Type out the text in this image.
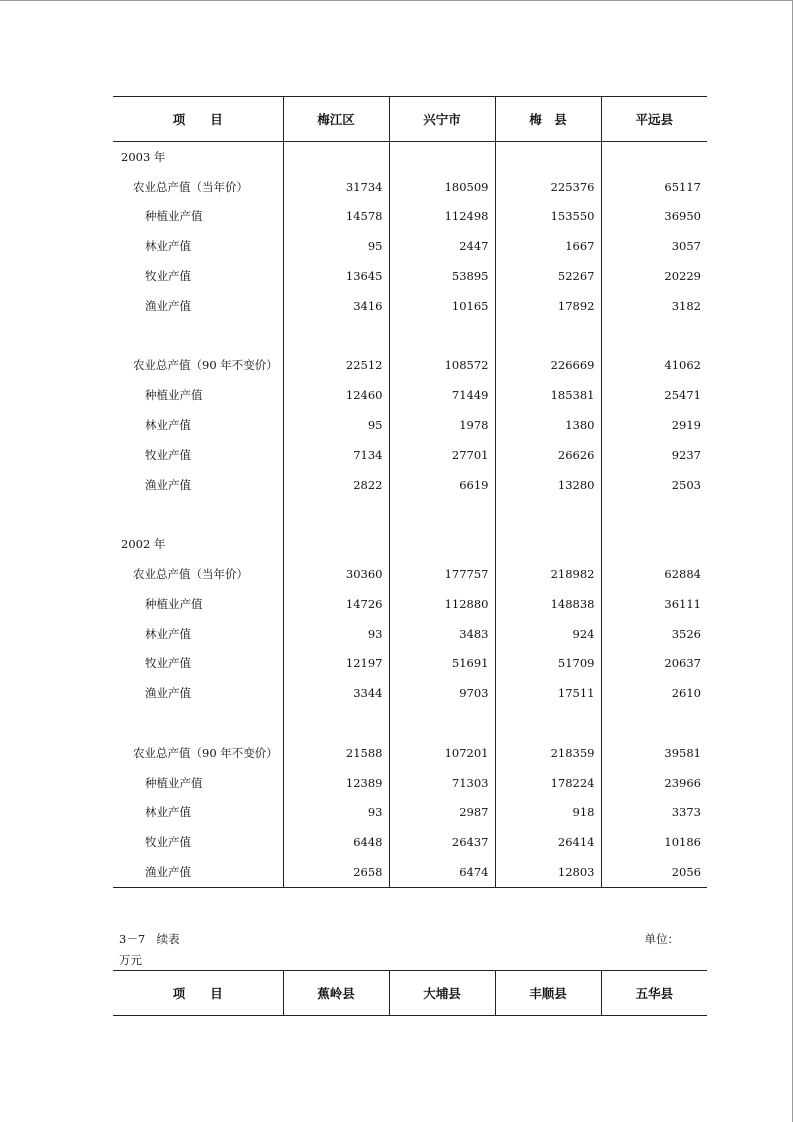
项　　目	梅江区	兴宁市	梅　县	平远县
2003 年				
农业总产值（当年价）	31734	180509	225376	65117
种植业产值	14578	112498	153550	36950
林业产值	95	2447	1667	3057
牧业产值	13645	53895	52267	20229
渔业产值	3416	10165	17892	3182

农业总产值（90 年不变价）	22512	108572	226669	41062
种植业产值	12460	71449	185381	25471
林业产值	95	1978	1380	2919
牧业产值	7134	27701	26626	9237
渔业产值	2822	6619	13280	2503

2002 年				
农业总产值（当年价）	30360	177757	218982	62884
种植业产值	14726	112880	148838	36111
林业产值	93	3483	924	3526
牧业产值	12197	51691	51709	20637
渔业产值	3344	9703	17511	2610

农业总产值（90 年不变价）	21588	107201	218359	39581
种植业产值	12389	71303	178224	23966
林业产值	93	2987	918	3373
牧业产值	6448	26437	26414	10186
渔业产值	2658	6474	12803	2056
3－7　续表	单位：
万元
项　　目	蕉岭县	大埔县	丰顺县	五华县
